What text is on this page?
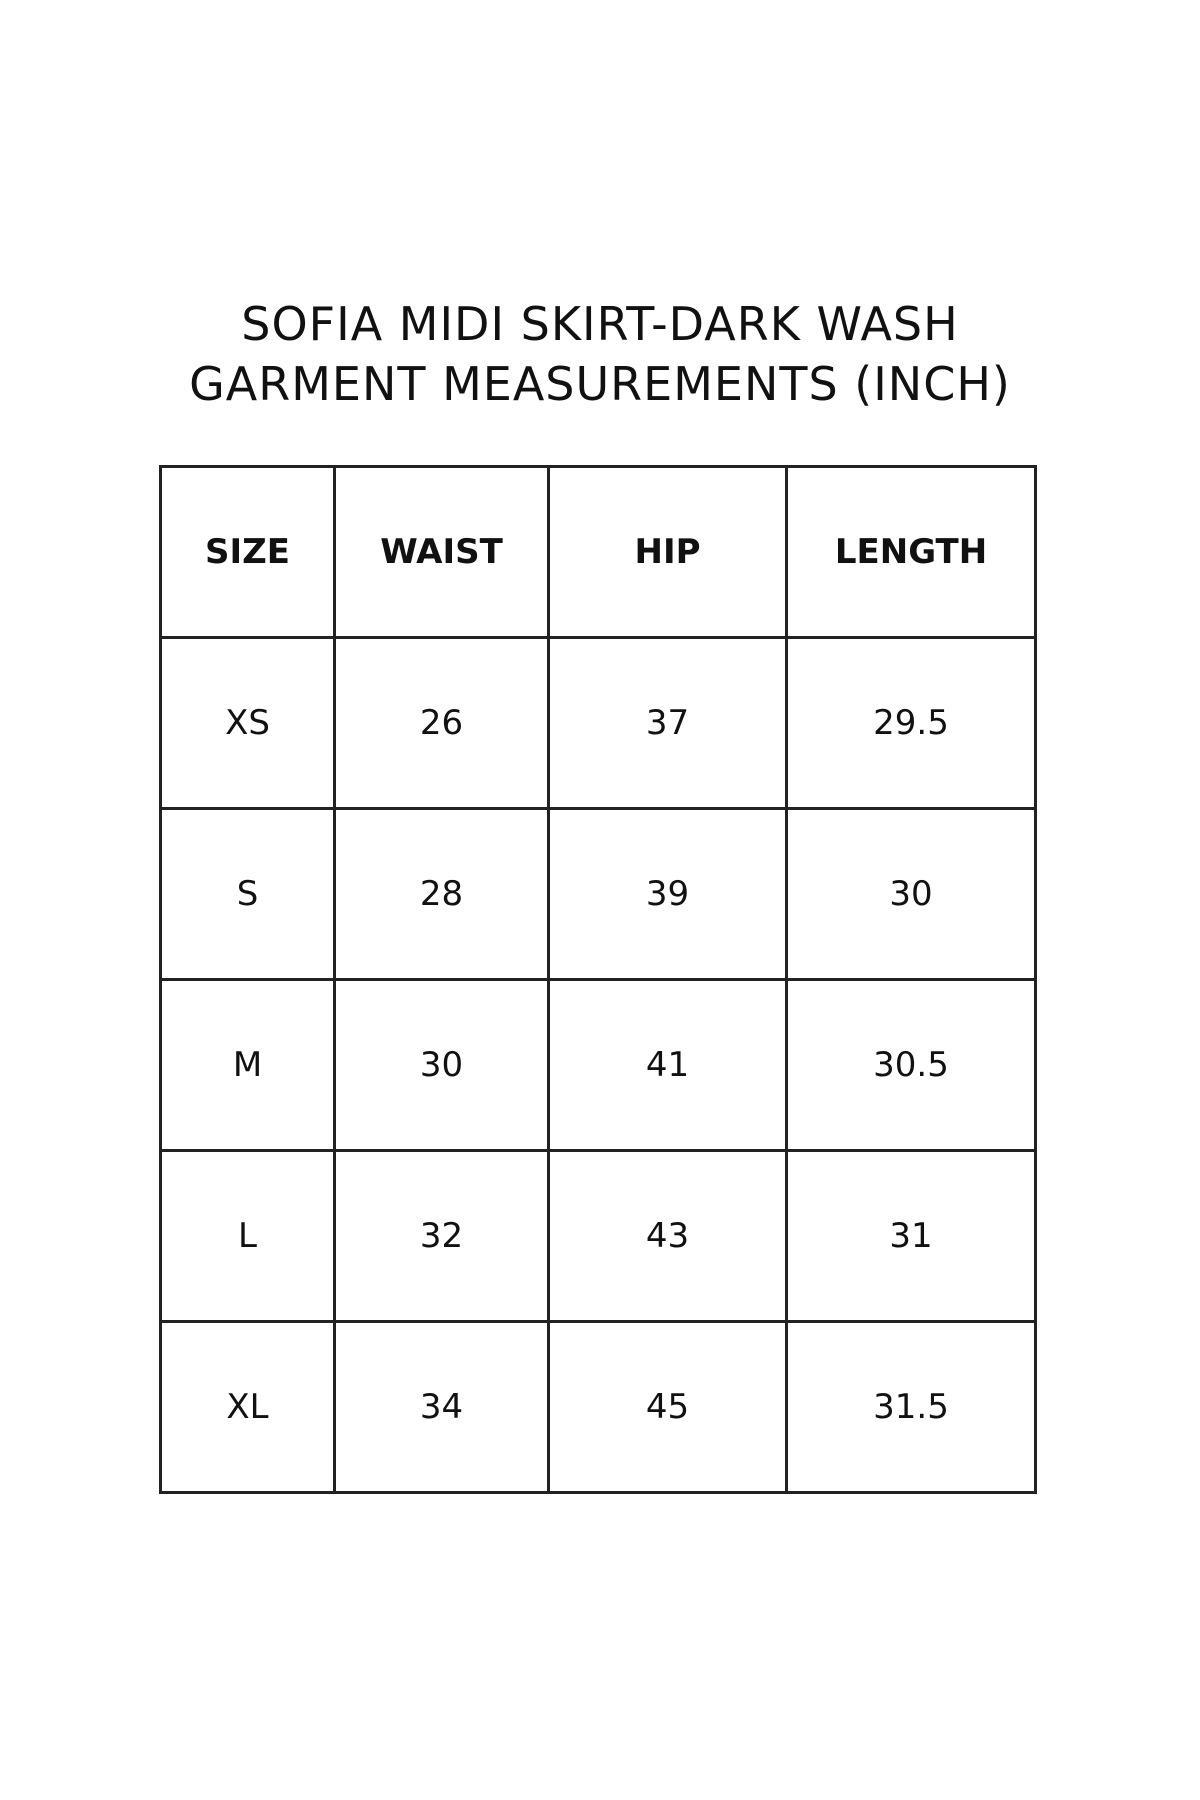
SOFIA MIDI SKIRT-DARK WASH
GARMENT MEASUREMENTS (INCH)
SIZE	WAIST	HIP	LENGTH
XS	26	37	29.5
S	28	39	30
M	30	41	30.5
L	32	43	31
XL	34	45	31.5
